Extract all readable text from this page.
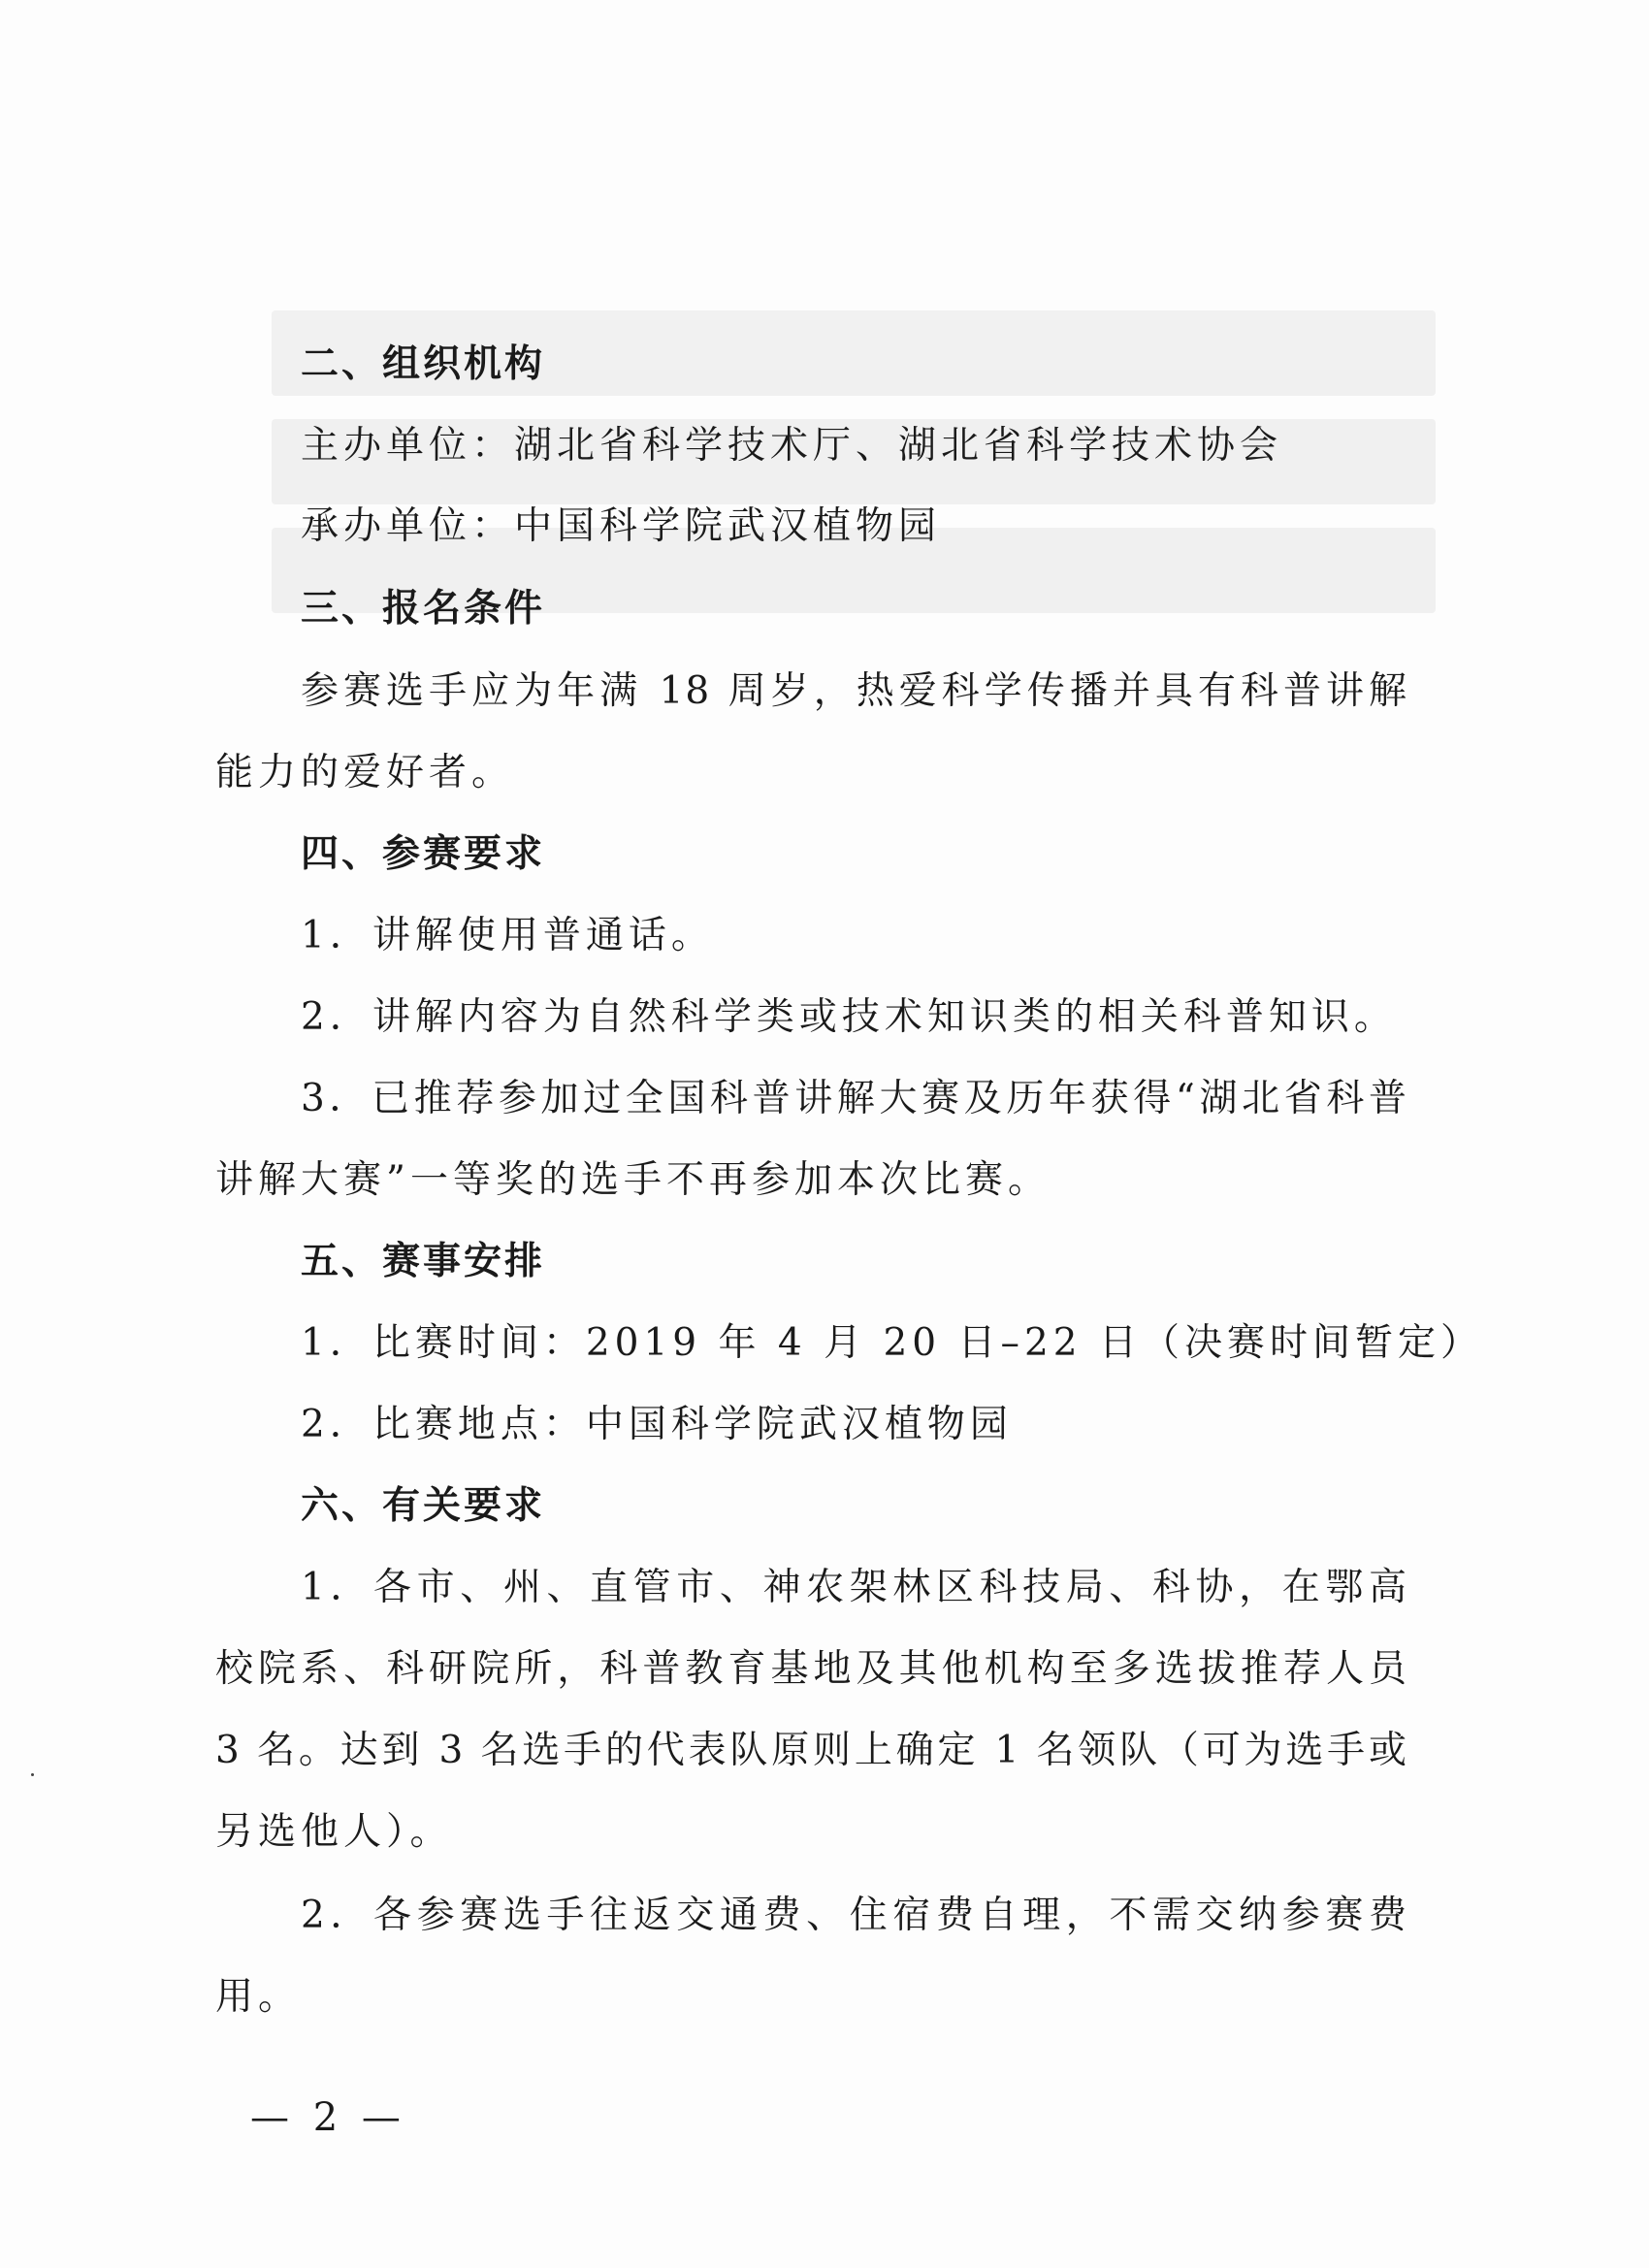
二、组织机构
主办单位：湖北省科学技术厅、湖北省科学技术协会
承办单位：中国科学院武汉植物园
三、报名条件
参赛选手应为年满 18 周岁，热爱科学传播并具有科普讲解
能力的爱好者。
四、参赛要求
1．讲解使用普通话。
2．讲解内容为自然科学类或技术知识类的相关科普知识。
3．已推荐参加过全国科普讲解大赛及历年获得“湖北省科普
讲解大赛”一等奖的选手不再参加本次比赛。
五、赛事安排
1．比赛时间：2019 年 4 月 20 日–22 日（决赛时间暂定）
2．比赛地点：中国科学院武汉植物园
六、有关要求
1．各市、州、直管市、神农架林区科技局、科协，在鄂高
校院系、科研院所，科普教育基地及其他机构至多选拔推荐人员
3 名。达到 3 名选手的代表队原则上确定 1 名领队（可为选手或
另选他人）。
2．各参赛选手往返交通费、住宿费自理，不需交纳参赛费
用。
— 2 —
